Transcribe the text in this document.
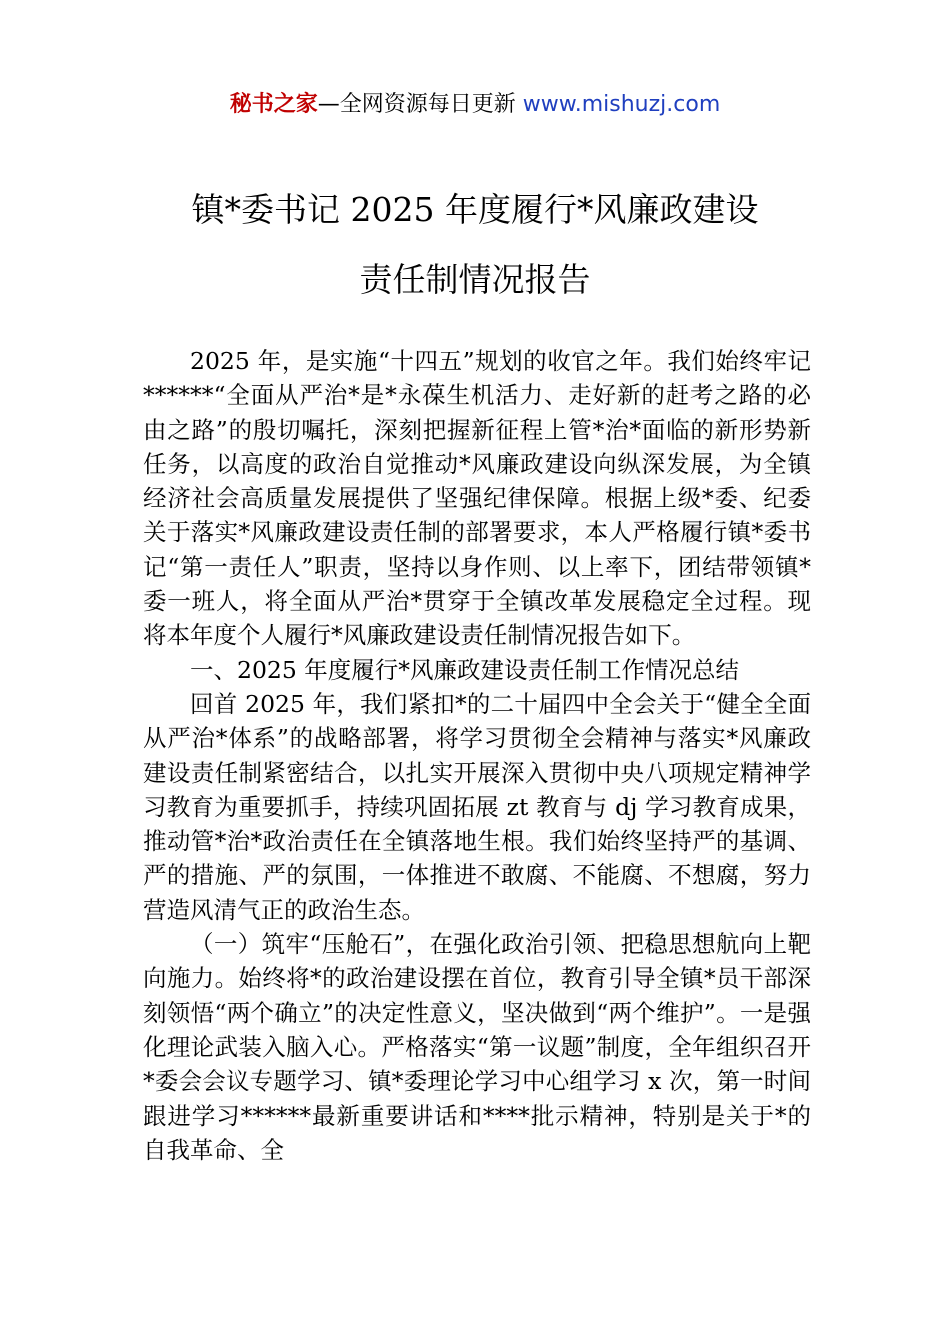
秘书之家—全网资源每日更新 www.mishuzj.com
镇*委书记 2025 年度履行*风廉政建设
责任制情况报告

2025 年，是实施“十四五”规划的收官之年。我们始终牢记******“全面从严治*是*永葆生机活力、走好新的赶考之路的必由之路”的殷切嘱托，深刻把握新征程上管*治*面临的新形势新任务，以高度的政治自觉推动*风廉政建设向纵深发展，为全镇经济社会高质量发展提供了坚强纪律保障。根据上级*委、纪委关于落实*风廉政建设责任制的部署要求，本人严格履行镇*委书记“第一责任人”职责，坚持以身作则、以上率下，团结带领镇*委一班人，将全面从严治*贯穿于全镇改革发展稳定全过程。现将本年度个人履行*风廉政建设责任制情况报告如下。

一、2025 年度履行*风廉政建设责任制工作情况总结

回首 2025 年，我们紧扣*的二十届四中全会关于“健全全面从严治*体系”的战略部署，将学习贯彻全会精神与落实*风廉政建设责任制紧密结合，以扎实开展深入贯彻中央八项规定精神学习教育为重要抓手，持续巩固拓展 zt 教育与 dj 学习教育成果，推动管*治*政治责任在全镇落地生根。我们始终坚持严的基调、严的措施、严的氛围，一体推进不敢腐、不能腐、不想腐，努力营造风清气正的政治生态。

（一）筑牢“压舱石”，在强化政治引领、把稳思想航向上靶向施力。始终将*的政治建设摆在首位，教育引导全镇*员干部深刻领悟“两个确立”的决定性意义，坚决做到“两个维护”。一是强化理论武装入脑入心。严格落实“第一议题”制度，全年组织召开*委会会议专题学习、镇*委理论学习中心组学习 x 次，第一时间跟进学习******最新重要讲话和****批示精神，特别是关于*的自我革命、全
